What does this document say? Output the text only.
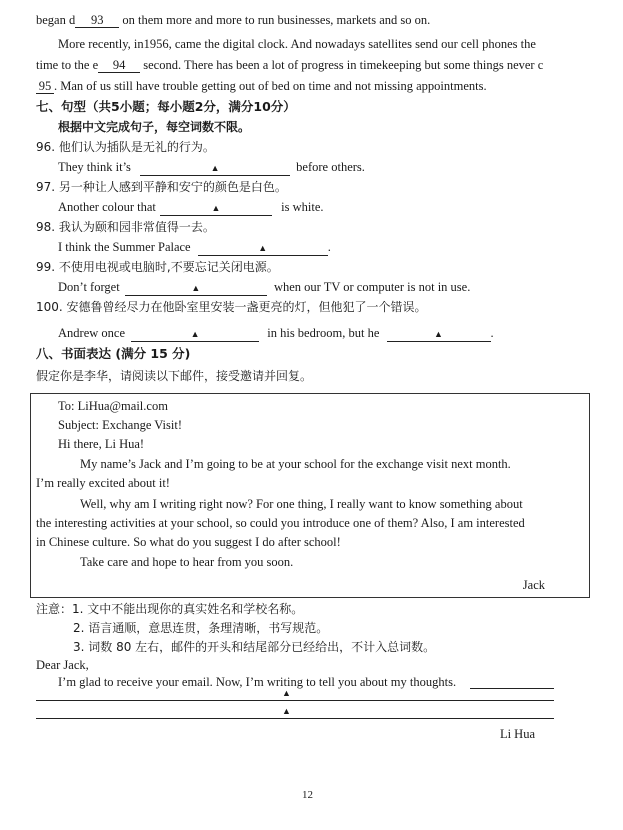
began d 93 on them more and more to run businesses, markets and so on.
More recently, in1956, came the digital clock. And nowadays satellites send our cell phones the
time to the e 94 second. There has been a lot of progress in timekeeping but some things never c
95 . Man of us still have trouble getting out of bed on time and not missing appointments.
七、句型（共5小题；每小题2分，满分10分）
根据中文完成句子，每空词数不限。
96. 他们认为插队是无礼的行为。
They think it’s	▲	before others.
97. 另一种让人感到平静和安宁的颜色是白色。
Another colour that	▲	is white.
98. 我认为颐和园非常值得一去。
I think the Summer Palace	▲	.
99. 不使用电视或电脑时,不要忘记关闭电源。
Don’t forget	▲	when our TV or computer is not in use.
100. 安德鲁曾经尽力在他卧室里安装一盏更亮的灯，但他犯了一个错误。
Andrew once	▲	in his bedroom, but he	▲	.
八、书面表达 (满分 15 分)
假定你是李华，请阅读以下邮件，接受邀请并回复。
To: LiHua@mail.com
Subject: Exchange Visit!
Hi there, Li Hua!
My name’s Jack and I’m going to be at your school for the exchange visit next month.
I’m really excited about it!
Well, why am I writing right now? For one thing, I really want to know something about
the interesting activities at your school, so could you introduce one of them? Also, I am interested
in Chinese culture. So what do you suggest I do after school!
Take care and hope to hear from you soon.
Jack
注意：1. 文中不能出现你的真实姓名和学校名称。
2. 语言通顺，意思连贯，条理清晰，书写规范。
3. 词数 80 左右，邮件的开头和结尾部分已经给出，不计入总词数。
Dear Jack,
I’m glad to receive your email. Now, I’m writing to tell you about my thoughts.
▲
▲
Li Hua
12
